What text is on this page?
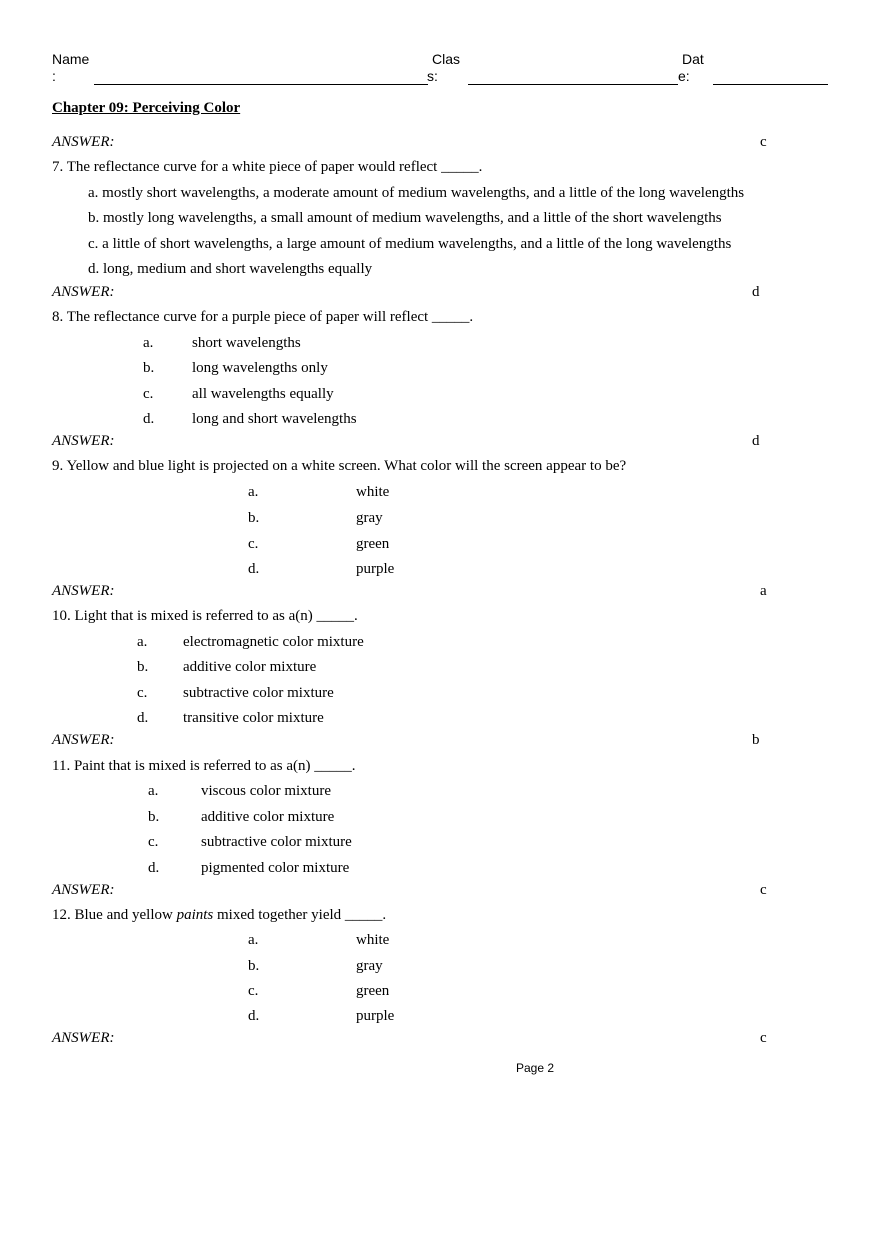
Name
:
Clas
s:
Dat
e:
Chapter 09: Perceiving Color
ANSWER:	c
7. The reflectance curve for a white piece of paper would reflect _____.
a. mostly short wavelengths, a moderate amount of medium wavelengths, and a little of the long wavelengths
b. mostly long wavelengths, a small amount of medium wavelengths, and a little of the short wavelengths
c. a little of short wavelengths, a large amount of medium wavelengths, and a little of the long wavelengths
d. long, medium and short wavelengths equally
ANSWER:	d
8. The reflectance curve for a purple piece of paper will reflect _____.
a.	short wavelengths
b.	long wavelengths only
c.	all wavelengths equally
d.	long and short wavelengths
ANSWER:	d
9. Yellow and blue light is projected on a white screen. What color will the screen appear to be?
a.	white
b.	gray
c.	green
d.	purple
ANSWER:	a
10. Light that is mixed is referred to as a(n) _____.
a. electromagnetic color mixture
b. additive color mixture
c. subtractive color mixture
d. transitive color mixture
ANSWER:	b
11. Paint that is mixed is referred to as a(n) _____.
a.	viscous color mixture
b.	additive color mixture
c.	subtractive color mixture
d.	pigmented color mixture
ANSWER:	c
12. Blue and yellow paints mixed together yield _____.
a.	white
b.	gray
c.	green
d.	purple
ANSWER:	c
Page 2
